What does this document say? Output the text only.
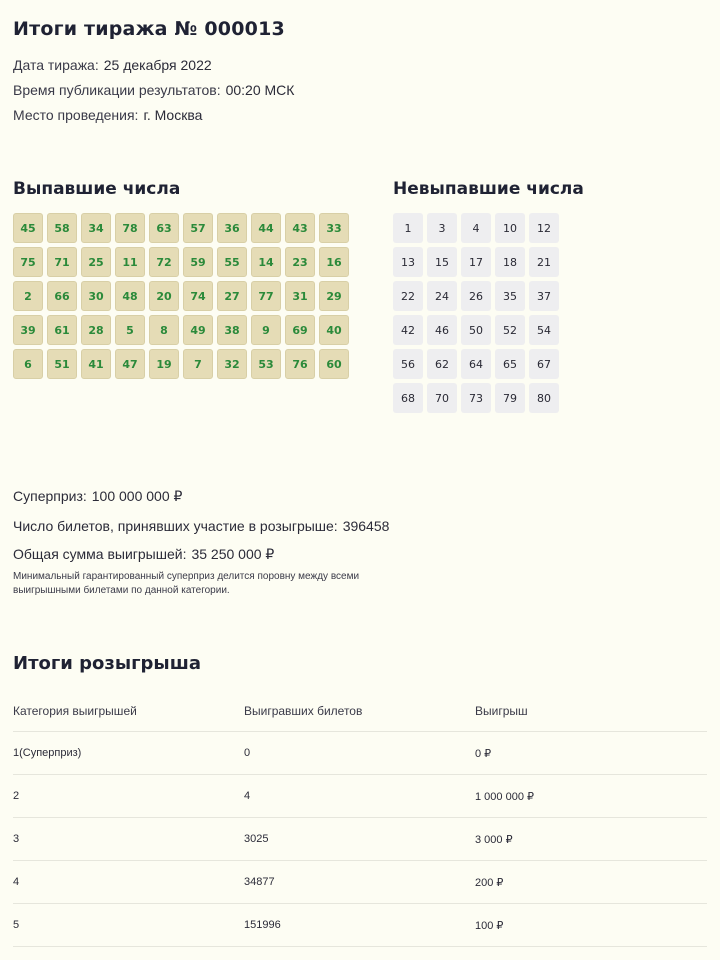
Итоги тиража № 000013
Дата тиража: 25 декабря 2022
Время публикации результатов: 00:20 МСК
Место проведения: г. Москва
Выпавшие числа	Невыпавшие числа
45	58	34	78	63	57	36	44	43	33
75	71	25	11	72	59	55	14	23	16
2	66	30	48	20	74	27	77	31	29
39	61	28	5	8	49	38	9	69	40
6	51	41	47	19	7	32	53	76	60
1	3	4	10	12
13	15	17	18	21
22	24	26	35	37
42	46	50	52	54
56	62	64	65	67
68	70	73	79	80
Суперприз: 100 000 000 ₽
Число билетов, принявших участие в розыгрыше: 396458
Общая сумма выигрышей: 35 250 000 ₽
Минимальный гарантированный суперприз делится поровну между всеми выигрышными билетами по данной категории.
Итоги розыгрыша
Категория выигрышей	Выигравших билетов	Выигрыш
1(Суперприз)	0	0 ₽
2	4	1 000 000 ₽
3	3025	3 000 ₽
4	34877	200 ₽
5	151996	100 ₽
